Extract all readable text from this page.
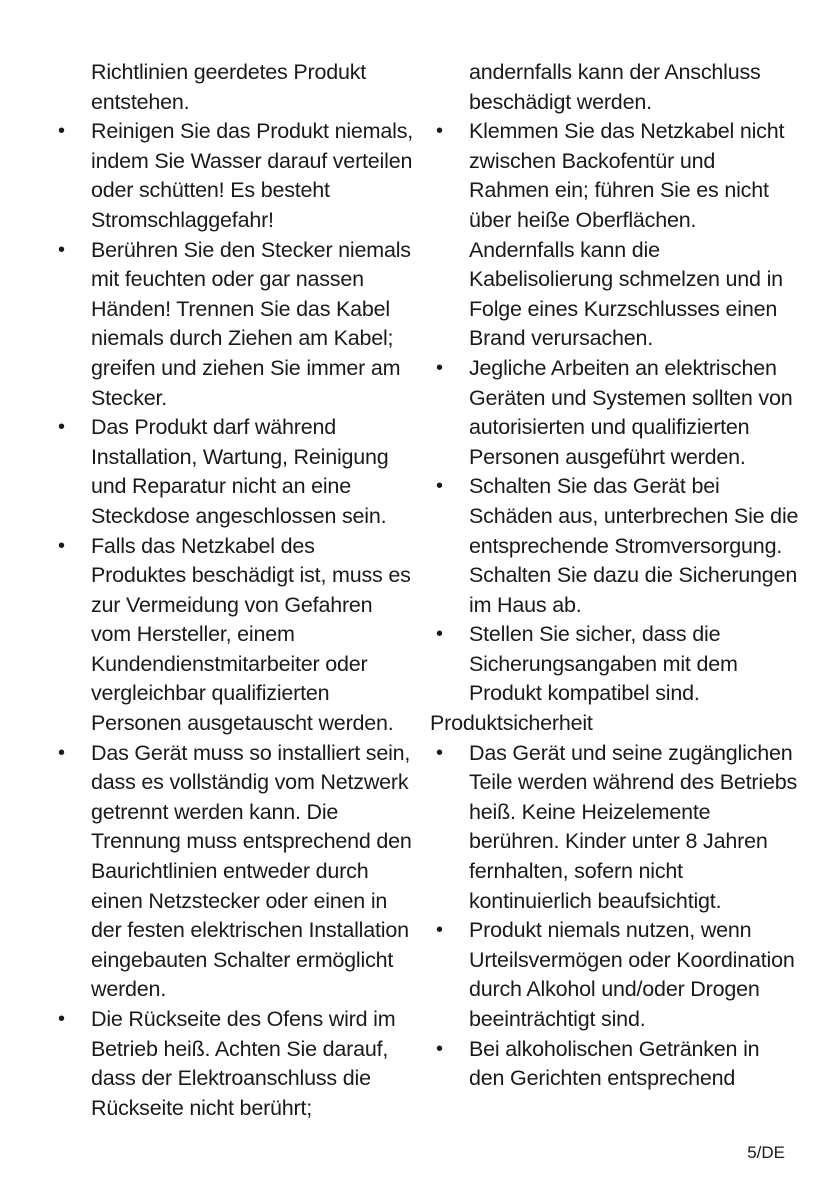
Richtlinien geerdetes Produkt entstehen.

• Reinigen Sie das Produkt niemals, indem Sie Wasser darauf verteilen oder schütten! Es besteht Stromschlaggefahr!
• Berühren Sie den Stecker niemals mit feuchten oder gar nassen Händen! Trennen Sie das Kabel niemals durch Ziehen am Kabel; greifen und ziehen Sie immer am Stecker.
• Das Produkt darf während Installation, Wartung, Reinigung und Reparatur nicht an eine Steckdose angeschlossen sein.
• Falls das Netzkabel des Produktes beschädigt ist, muss es zur Vermeidung von Gefahren vom Hersteller, einem Kundendienstmitarbeiter oder vergleichbar qualifizierten Personen ausgetauscht werden.
• Das Gerät muss so installiert sein, dass es vollständig vom Netzwerk getrennt werden kann. Die Trennung muss entsprechend den Baurichtlinien entweder durch einen Netzstecker oder einen in der festen elektrischen Installation eingebauten Schalter ermöglicht werden.
• Die Rückseite des Ofens wird im Betrieb heiß. Achten Sie darauf, dass der Elektroanschluss die Rückseite nicht berührt;

andernfalls kann der Anschluss beschädigt werden.

• Klemmen Sie das Netzkabel nicht zwischen Backofentür und Rahmen ein; führen Sie es nicht über heiße Oberflächen. Andernfalls kann die Kabelisolierung schmelzen und in Folge eines Kurzschlusses einen Brand verursachen.
• Jegliche Arbeiten an elektrischen Geräten und Systemen sollten von autorisierten und qualifizierten Personen ausgeführt werden.
• Schalten Sie das Gerät bei Schäden aus, unterbrechen Sie die entsprechende Stromversorgung. Schalten Sie dazu die Sicherungen im Haus ab.
• Stellen Sie sicher, dass die Sicherungsangaben mit dem Produkt kompatibel sind.

Produktsicherheit

• Das Gerät und seine zugänglichen Teile werden während des Betriebs heiß. Keine Heizelemente berühren. Kinder unter 8 Jahren fernhalten, sofern nicht kontinuierlich beaufsichtigt.
• Produkt niemals nutzen, wenn Urteilsvermögen oder Koordination durch Alkohol und/oder Drogen beeinträchtigt sind.
• Bei alkoholischen Getränken in den Gerichten entsprechend
5/DE
